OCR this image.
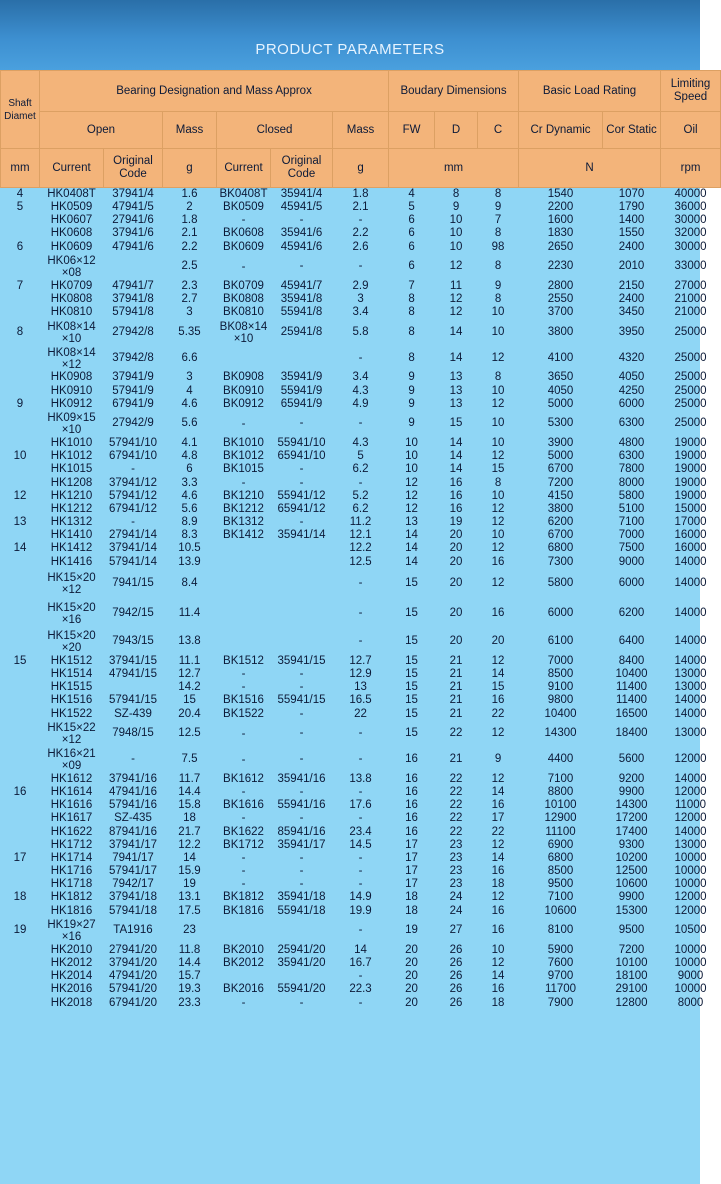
PRODUCT PARAMETERS
Shaft Diamet	Bearing Designation and Mass Approx						Boudary Dimensions			Basic Load Rating		Limiting Speed
	Open		Mass	Closed		Mass	FW	D	C	Cr Dynamic	Cor Static	Oil
mm	Current	Original Code	g	Current	Original Code	g	mm			N		rpm
4	HK0408T	37941/4	1.6	BK0408T	35941/4	1.8	4	8	8	1540	1070	40000
5	HK0509	47941/5	2	BK0509	45941/5	2.1	5	9	9	2200	1790	36000
	HK0607	27941/6	1.8	-	-	-	6	10	7	1600	1400	30000
	HK0608	37941/6	2.1	BK0608	35941/6	2.2	6	10	8	1830	1550	32000
6	HK0609	47941/6	2.2	BK0609	45941/6	2.6	6	10	98	2650	2400	30000
	HK06×12 ×08		2.5	-	-	-	6	12	8	2230	2010	33000
7	HK0709	47941/7	2.3	BK0709	45941/7	2.9	7	11	9	2800	2150	27000
	HK0808	37941/8	2.7	BK0808	35941/8	3	8	12	8	2550	2400	21000
	HK0810	57941/8	3	BK0810	55941/8	3.4	8	12	10	3700	3450	21000
8	HK08×14 ×10	27942/8	5.35	BK08×14 ×10	25941/8	5.8	8	14	10	3800	3950	25000
	HK08×14 ×12	37942/8	6.6			-	8	14	12	4100	4320	25000
	HK0908	37941/9	3	BK0908	35941/9	3.4	9	13	8	3650	4050	25000
	HK0910	57941/9	4	BK0910	55941/9	4.3	9	13	10	4050	4250	25000
9	HK0912	67941/9	4.6	BK0912	65941/9	4.9	9	13	12	5000	6000	25000
	HK09×15 ×10	27942/9	5.6	-	-	-	9	15	10	5300	6300	25000
	HK1010	57941/10	4.1	BK1010	55941/10	4.3	10	14	10	3900	4800	19000
10	HK1012	67941/10	4.8	BK1012	65941/10	5	10	14	12	5000	6300	19000
	HK1015	-	6	BK1015	-	6.2	10	14	15	6700	7800	19000
	HK1208	37941/12	3.3	-	-	-	12	16	8	7200	8000	19000
12	HK1210	57941/12	4.6	BK1210	55941/12	5.2	12	16	10	4150	5800	19000
	HK1212	67941/12	5.6	BK1212	65941/12	6.2	12	16	12	3800	5100	15000
13	HK1312	-	8.9	BK1312	-	11.2	13	19	12	6200	7100	17000
	HK1410	27941/14	8.3	BK1412	35941/14	12.1	14	20	10	6700	7000	16000
14	HK1412	37941/14	10.5			12.2	14	20	12	6800	7500	16000
	HK1416	57941/14	13.9			12.5	14	20	16	7300	9000	14000
	HK15×20 ×12	7941/15	8.4			-	15	20	12	5800	6000	14000
	HK15×20 ×16	7942/15	11.4			-	15	20	16	6000	6200	14000
	HK15×20 ×20	7943/15	13.8			-	15	20	20	6100	6400	14000
15	HK1512	37941/15	11.1	BK1512	35941/15	12.7	15	21	12	7000	8400	14000
	HK1514	47941/15	12.7	-	-	12.9	15	21	14	8500	10400	13000
	HK1515		14.2	-	-	13	15	21	15	9100	11400	13000
	HK1516	57941/15	15	BK1516	55941/15	16.5	15	21	16	9800	11400	14000
	HK1522	SZ-439	20.4	BK1522	-	22	15	21	22	10400	16500	14000
	HK15×22 ×12	7948/15	12.5	-	-	-	15	22	12	14300	18400	13000
	HK16×21 ×09	-	7.5	-	-	-	16	21	9	4400	5600	12000
	HK1612	37941/16	11.7	BK1612	35941/16	13.8	16	22	12	7100	9200	14000
16	HK1614	47941/16	14.4	-	-	-	16	22	14	8800	9900	12000
	HK1616	57941/16	15.8	BK1616	55941/16	17.6	16	22	16	10100	14300	11000
	HK1617	SZ-435	18	-	-	-	16	22	17	12900	17200	12000
	HK1622	87941/16	21.7	BK1622	85941/16	23.4	16	22	22	11100	17400	14000
	HK1712	37941/17	12.2	BK1712	35941/17	14.5	17	23	12	6900	9300	13000
17	HK1714	7941/17	14	-	-	-	17	23	14	6800	10200	10000
	HK1716	57941/17	15.9	-	-	-	17	23	16	8500	12500	10000
	HK1718	7942/17	19	-	-	-	17	23	18	9500	10600	10000
18	HK1812	37941/18	13.1	BK1812	35941/18	14.9	18	24	12	7100	9900	12000
	HK1816	57941/18	17.5	BK1816	55941/18	19.9	18	24	16	10600	15300	12000
19	HK19×27 ×16	TA1916	23			-	19	27	16	8100	9500	10500
	HK2010	27941/20	11.8	BK2010	25941/20	14	20	26	10	5900	7200	10000
	HK2012	37941/20	14.4	BK2012	35941/20	16.7	20	26	12	7600	10100	10000
	HK2014	47941/20	15.7			-	20	26	14	9700	18100	9000
	HK2016	57941/20	19.3	BK2016	55941/20	22.3	20	26	16	11700	29100	10000
	HK2018	67941/20	23.3	-	-	-	20	26	18	7900	12800	8000
